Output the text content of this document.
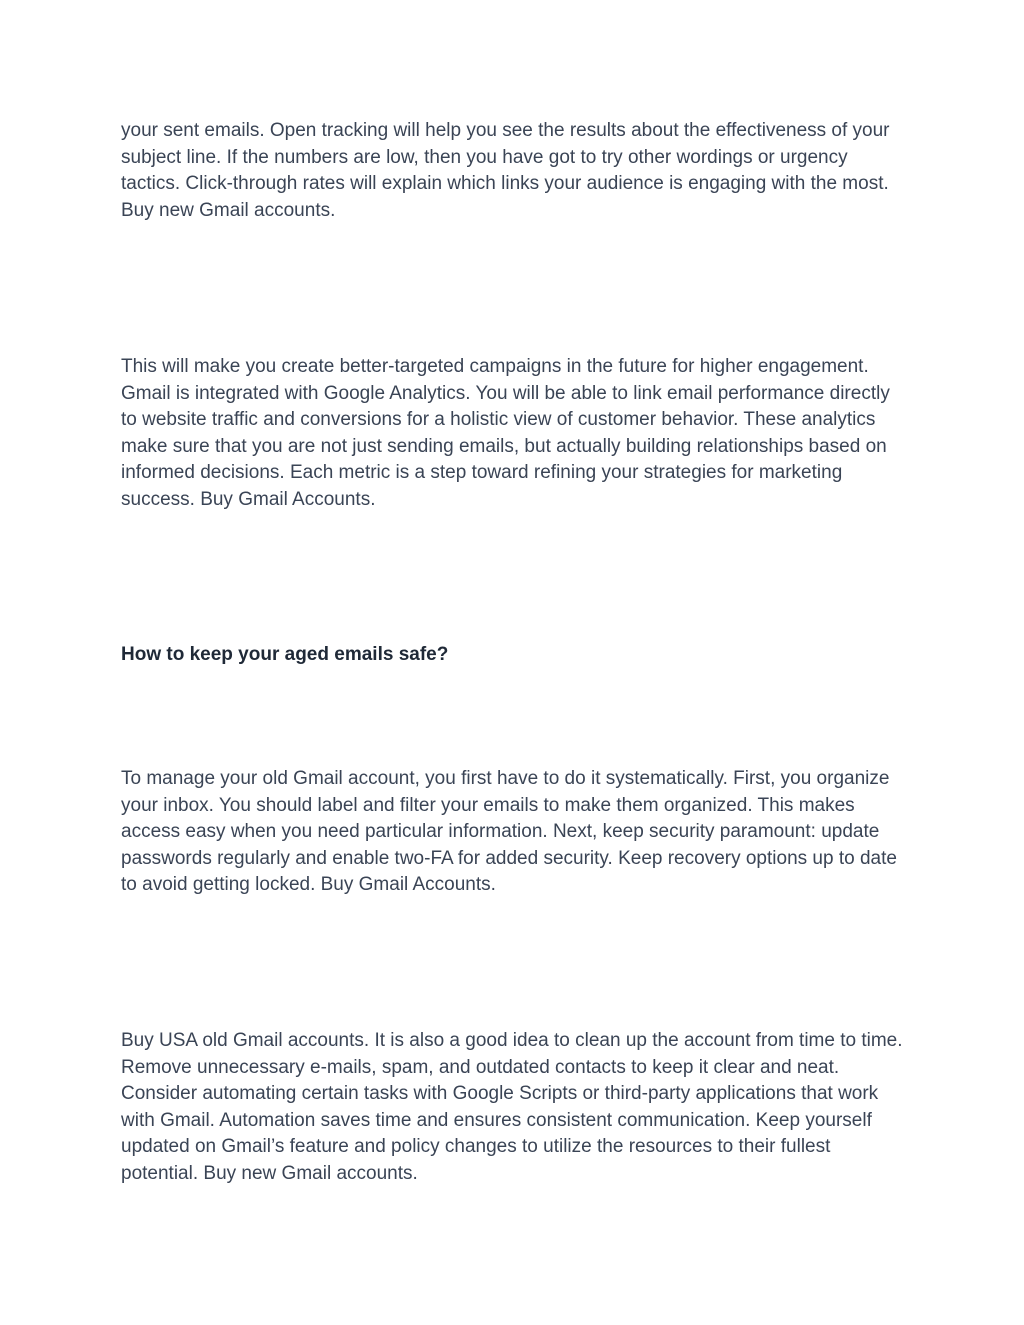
your sent emails. Open tracking will help you see the results about the effectiveness of your subject line. If the numbers are low, then you have got to try other wordings or urgency tactics. Click-through rates will explain which links your audience is engaging with the most. Buy new Gmail accounts.

This will make you create better-targeted campaigns in the future for higher engagement. Gmail is integrated with Google Analytics. You will be able to link email performance directly to website traffic and conversions for a holistic view of customer behavior. These analytics make sure that you are not just sending emails, but actually building relationships based on informed decisions. Each metric is a step toward refining your strategies for marketing success. Buy Gmail Accounts.

How to keep your aged emails safe?

To manage your old Gmail account, you first have to do it systematically. First, you organize your inbox. You should label and filter your emails to make them organized. This makes access easy when you need particular information. Next, keep security paramount: update passwords regularly and enable two-FA for added security. Keep recovery options up to date to avoid getting locked. Buy Gmail Accounts.

Buy USA old Gmail accounts. It is also a good idea to clean up the account from time to time. Remove unnecessary e-mails, spam, and outdated contacts to keep it clear and neat. Consider automating certain tasks with Google Scripts or third-party applications that work with Gmail. Automation saves time and ensures consistent communication. Keep yourself updated on Gmail’s feature and policy changes to utilize the resources to their fullest potential. Buy new Gmail accounts.
